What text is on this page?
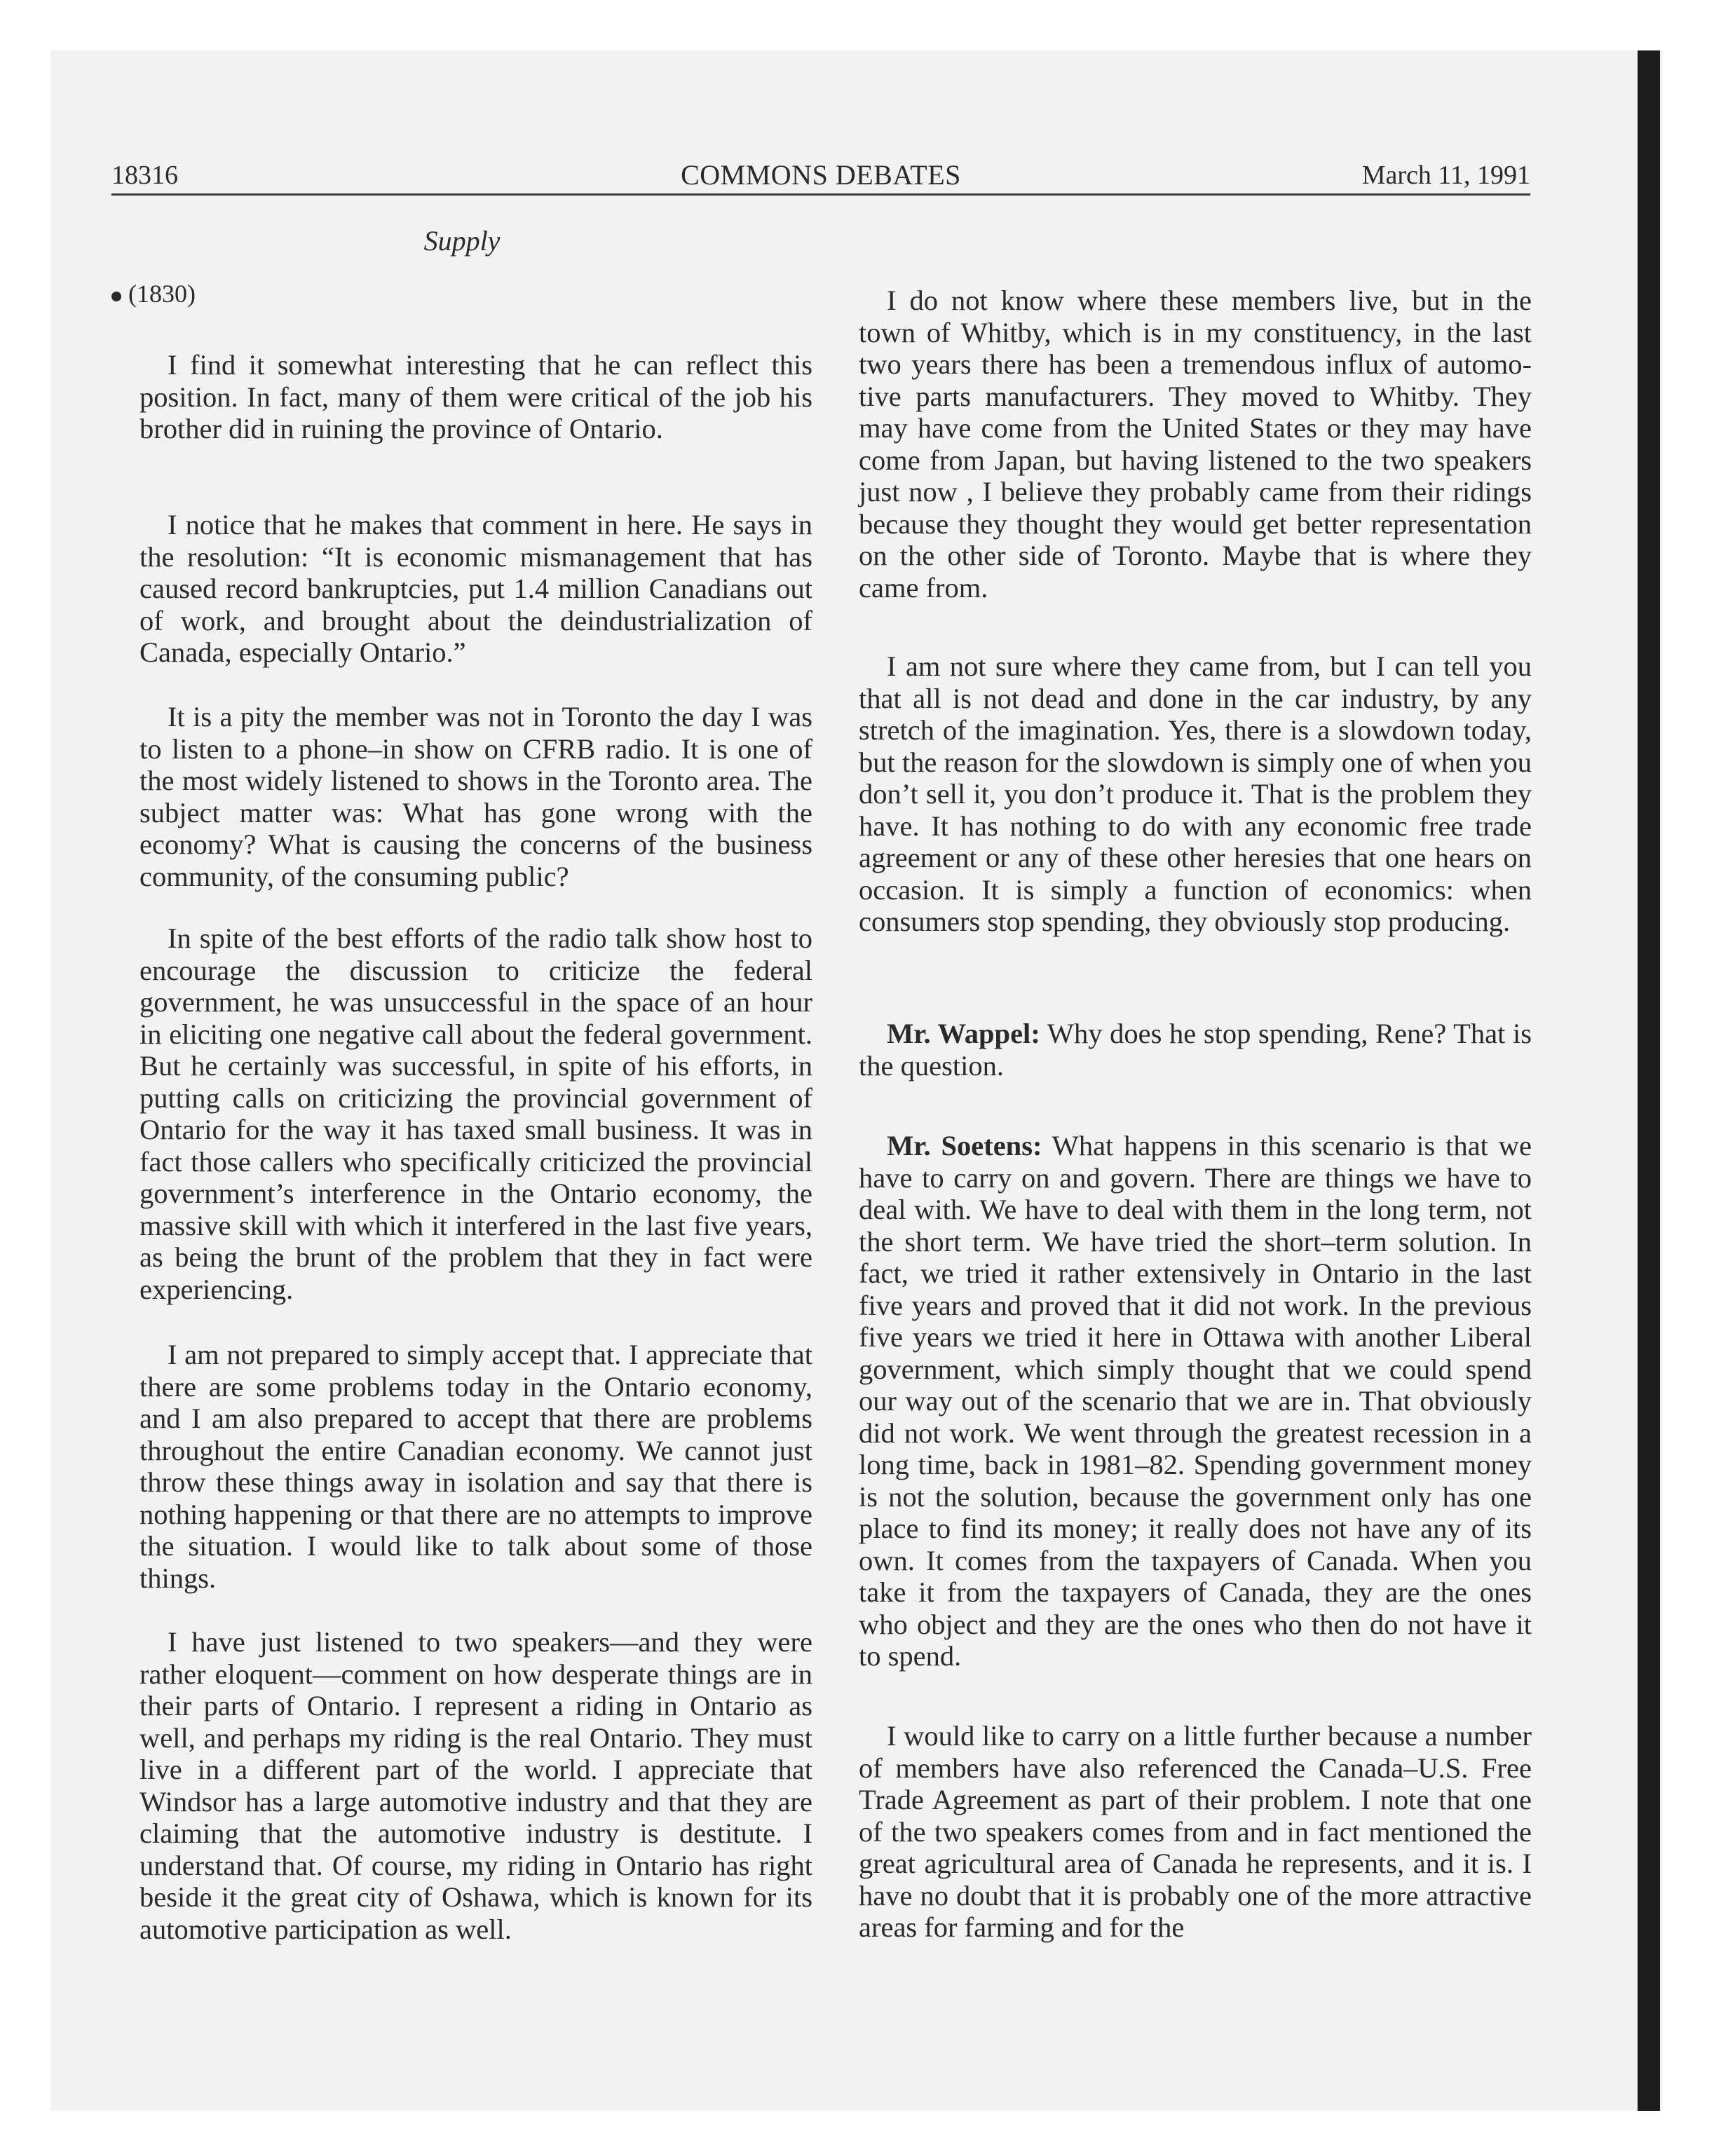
18316	COMMONS DEBATES	March 11, 1991
Supply
(1830)

I find it somewhat interesting that he can reflect this position. In fact, many of them were critical of the job his brother did in ruining the province of Ontario.

I notice that he makes that comment in here. He says in the resolution: “It is economic mismanagement that has caused record bankruptcies, put 1.4 million Canadians out of work, and brought about the deindustrialization of Canada, especially Ontario.”

It is a pity the member was not in Toronto the day I was to listen to a phone–in show on CFRB radio. It is one of the most widely listened to shows in the Toronto area. The subject matter was: What has gone wrong with the economy? What is causing the concerns of the business community, of the consuming public?

In spite of the best efforts of the radio talk show host to encourage the discussion to criticize the federal government, he was unsuccessful in the space of an hour in eliciting one negative call about the federal government. But he certainly was successful, in spite of his efforts, in putting calls on criticizing the provincial government of Ontario for the way it has taxed small business. It was in fact those callers who specifically criticized the provincial government’s interference in the Ontario economy, the massive skill with which it interfered in the last five years, as being the brunt of the problem that they in fact were experiencing.

I am not prepared to simply accept that. I appreciate that there are some problems today in the Ontario economy, and I am also prepared to accept that there are problems throughout the entire Canadian economy. We cannot just throw these things away in isolation and say that there is nothing happening or that there are no attempts to improve the situation. I would like to talk about some of those things.

I have just listened to two speakers—and they were rather eloquent—comment on how desperate things are in their parts of Ontario. I represent a riding in Ontario as well, and perhaps my riding is the real Ontario. They must live in a different part of the world. I appreciate that Windsor has a large automotive industry and that they are claiming that the automotive industry is destitute. I understand that. Of course, my riding in Ontario has right beside it the great city of Oshawa, which is known for its automotive participation as well.

I do not know where these members live, but in the town of Whitby, which is in my constituency, in the last two years there has been a tremendous influx of automotive parts manufacturers. They moved to Whitby. They may have come from the United States or they may have come from Japan, but having listened to the two speakers just now , I believe they probably came from their ridings because they thought they would get better representation on the other side of Toronto. Maybe that is where they came from.

I am not sure where they came from, but I can tell you that all is not dead and done in the car industry, by any stretch of the imagination. Yes, there is a slowdown today, but the reason for the slowdown is simply one of when you don’t sell it, you don’t produce it. That is the problem they have. It has nothing to do with any economic free trade agreement or any of these other heresies that one hears on occasion. It is simply a function of economics: when consumers stop spending, they obviously stop producing.

Mr. Wappel: Why does he stop spending, Rene? That is the question.

Mr. Soetens: What happens in this scenario is that we have to carry on and govern. There are things we have to deal with. We have to deal with them in the long term, not the short term. We have tried the short–term solution. In fact, we tried it rather extensively in Ontario in the last five years and proved that it did not work. In the previous five years we tried it here in Ottawa with another Liberal government, which simply thought that we could spend our way out of the scenario that we are in. That obviously did not work. We went through the greatest recession in a long time, back in 1981–82. Spending government money is not the solution, because the government only has one place to find its money; it really does not have any of its own. It comes from the taxpayers of Canada. When you take it from the taxpayers of Canada, they are the ones who object and they are the ones who then do not have it to spend.

I would like to carry on a little further because a number of members have also referenced the Canada–U.S. Free Trade Agreement as part of their problem. I note that one of the two speakers comes from and in fact mentioned the great agricultural area of Canada he represents, and it is. I have no doubt that it is probably one of the more attractive areas for farming and for the
